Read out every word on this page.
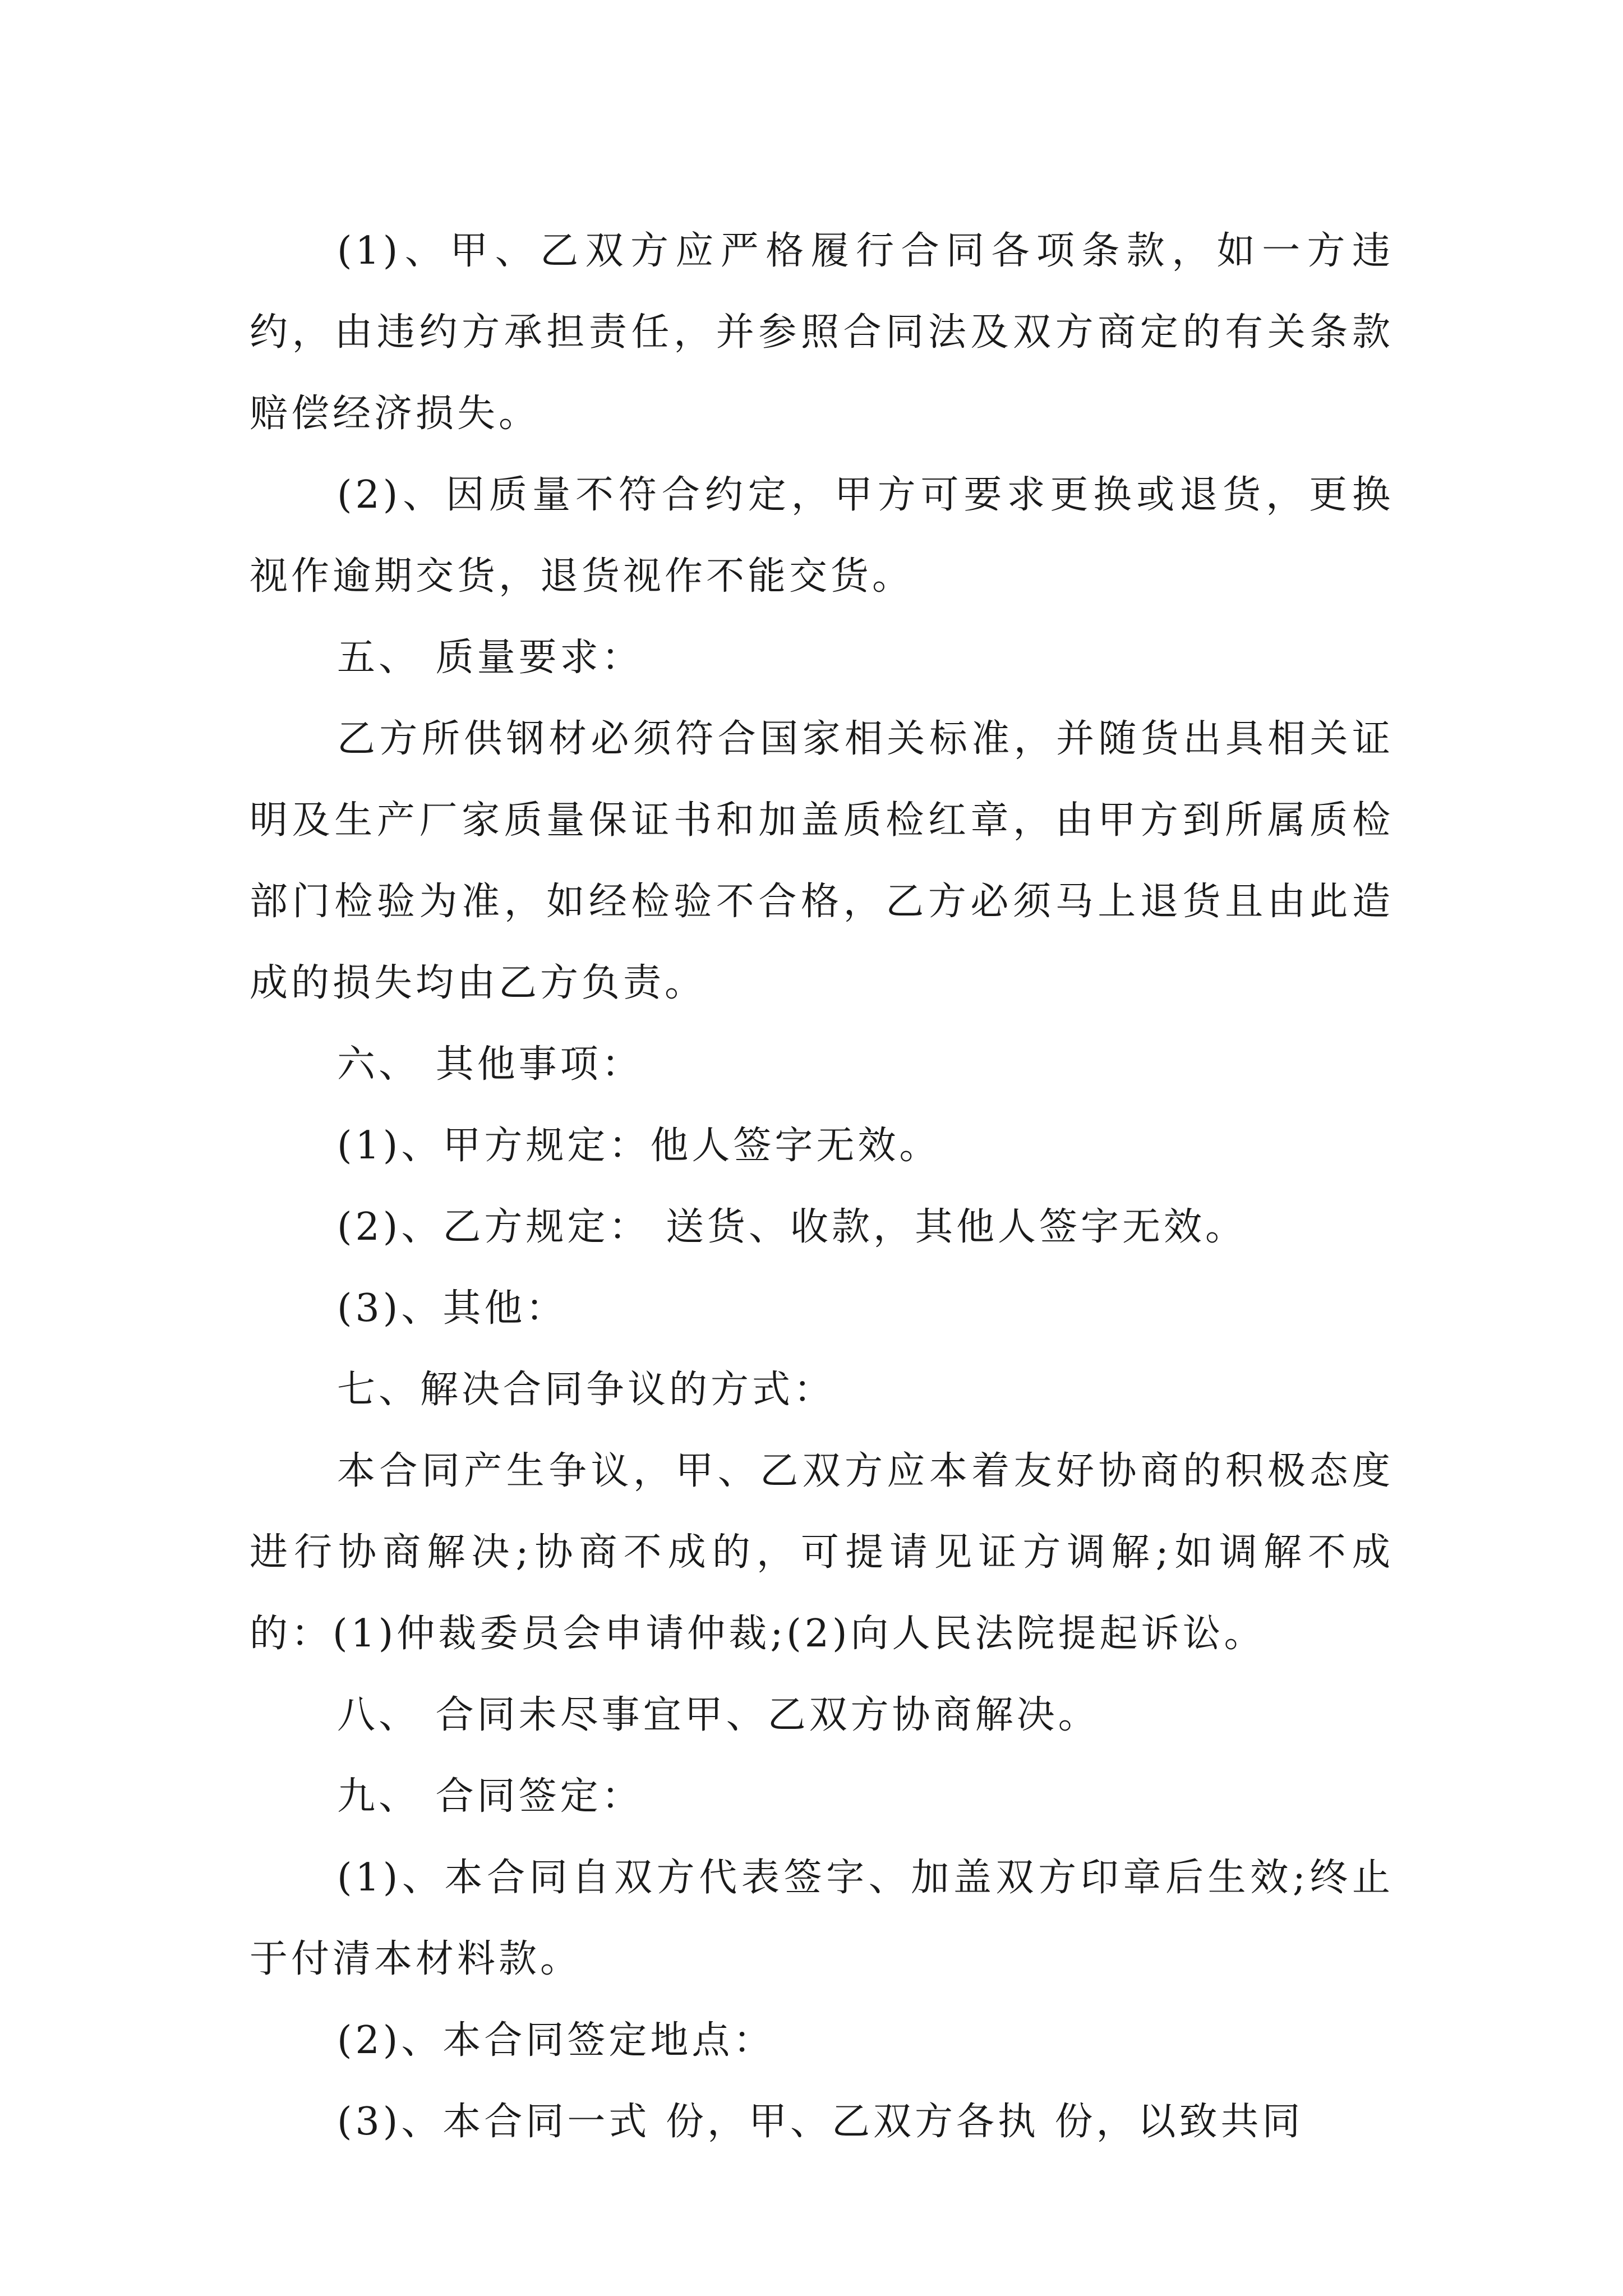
(1)、甲、乙双方应严格履行合同各项条款，如一方违约，由违约方承担责任，并参照合同法及双方商定的有关条款赔偿经济损失。

(2)、因质量不符合约定，甲方可要求更换或退货，更换视作逾期交货，退货视作不能交货。

五、 质量要求：

乙方所供钢材必须符合国家相关标准，并随货出具相关证明及生产厂家质量保证书和加盖质检红章，由甲方到所属质检部门检验为准，如经检验不合格，乙方必须马上退货且由此造成的损失均由乙方负责。

六、 其他事项：

(1)、甲方规定：他人签字无效。

(2)、乙方规定： 送货、收款，其他人签字无效。

(3)、其他：

七、解决合同争议的方式：

本合同产生争议，甲、乙双方应本着友好协商的积极态度进行协商解决;协商不成的，可提请见证方调解;如调解不成的：(1)仲裁委员会申请仲裁;(2)向人民法院提起诉讼。

八、 合同未尽事宜甲、乙双方协商解决。

九、 合同签定：

(1)、本合同自双方代表签字、加盖双方印章后生效;终止于付清本材料款。

(2)、本合同签定地点：

(3)、本合同一式 份，甲、乙双方各执 份，以致共同
